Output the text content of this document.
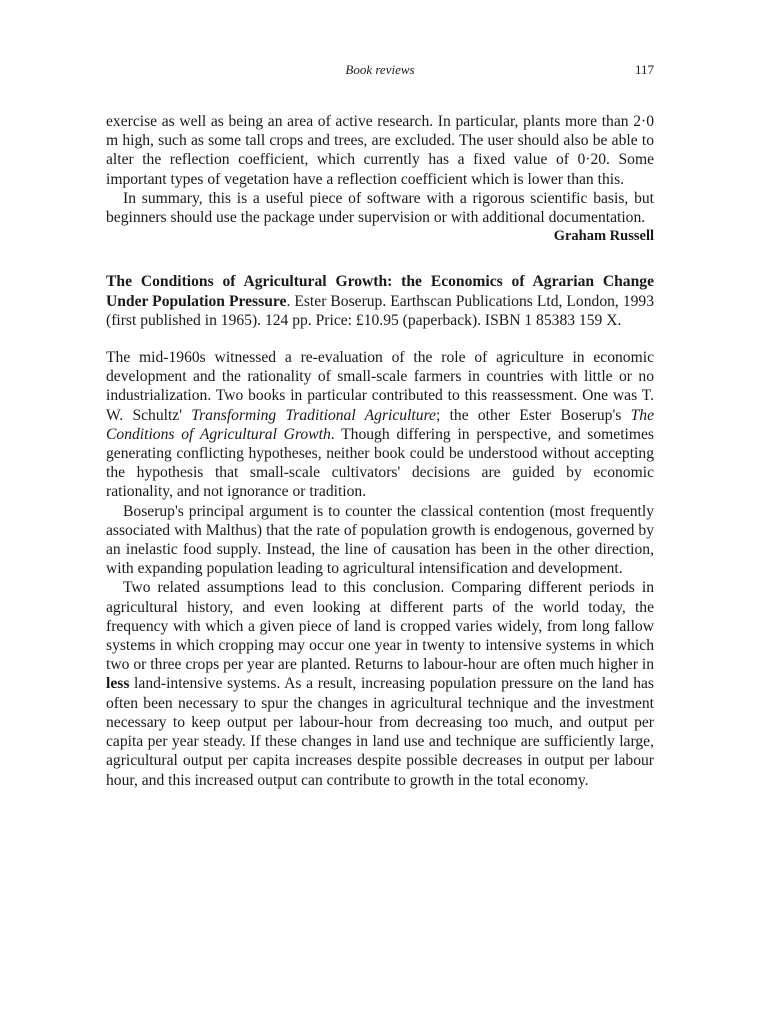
Book reviews	117

exercise as well as being an area of active research. In particular, plants more than 2·0 m high, such as some tall crops and trees, are excluded. The user should also be able to alter the reflection coefficient, which currently has a fixed value of 0·20. Some important types of vegetation have a reflection coefficient which is lower than this.

In summary, this is a useful piece of software with a rigorous scientific basis, but beginners should use the package under supervision or with additional documentation.

Graham Russell
The Conditions of Agricultural Growth: the Economics of Agrarian Change Under Population Pressure. Ester Boserup. Earthscan Publications Ltd, London, 1993 (first published in 1965). 124 pp. Price: £10.95 (paperback). ISBN 1 85383 159 X.

The mid-1960s witnessed a re-evaluation of the role of agriculture in economic development and the rationality of small-scale farmers in countries with little or no industrialization. Two books in particular contributed to this reassessment. One was T. W. Schultz' Transforming Traditional Agriculture; the other Ester Boserup's The Conditions of Agricultural Growth. Though differing in perspective, and sometimes generating conflicting hypotheses, neither book could be understood without accepting the hypothesis that small-scale cultivators' decisions are guided by economic rationality, and not ignorance or tradition.

Boserup's principal argument is to counter the classical contention (most frequently associated with Malthus) that the rate of population growth is endogenous, governed by an inelastic food supply. Instead, the line of causation has been in the other direction, with expanding population leading to agricultural intensification and development.

Two related assumptions lead to this conclusion. Comparing different periods in agricultural history, and even looking at different parts of the world today, the frequency with which a given piece of land is cropped varies widely, from long fallow systems in which cropping may occur one year in twenty to intensive systems in which two or three crops per year are planted. Returns to labour-hour are often much higher in less land-intensive systems. As a result, increasing population pressure on the land has often been necessary to spur the changes in agricultural technique and the investment necessary to keep output per labour-hour from decreasing too much, and output per capita per year steady. If these changes in land use and technique are sufficiently large, agricultural output per capita increases despite possible decreases in output per labour hour, and this increased output can contribute to growth in the total economy.
